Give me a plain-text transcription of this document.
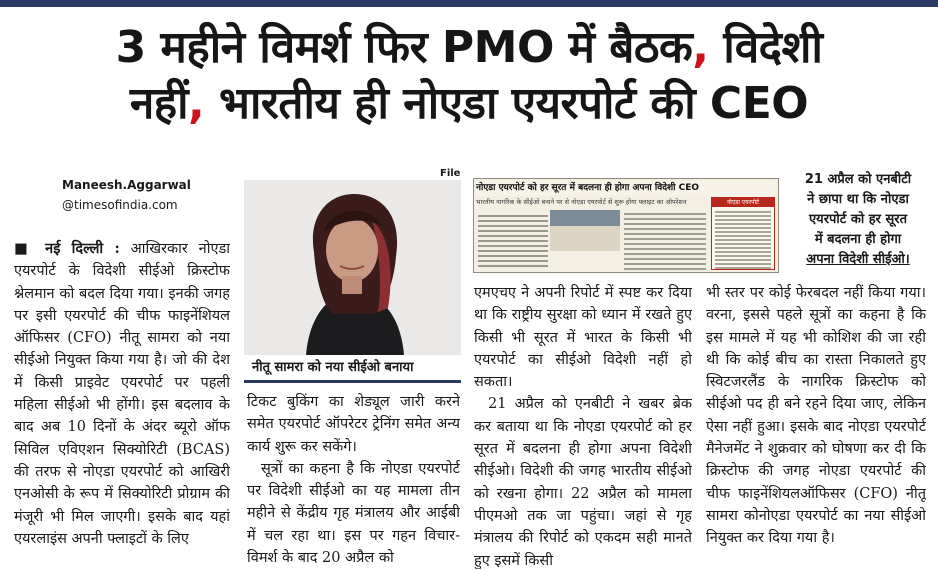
3 महीने विमर्श फिर PMO में बैठक, विदेशी
नहीं, भारतीय ही नोएडा एयरपोर्ट की CEO
Maneesh.Aggarwal
@timesofindia.com
File

■ नई दिल्ली : आखिरकार नोएडा एयरपोर्ट के विदेशी सीईओ क्रिस्टोफ श्नेलमान को बदल दिया गया। इनकी जगह पर इसी एयरपोर्ट की चीफ फाइनेंशियल ऑफिसर (CFO) नीतू सामरा को नया सीईओ नियुक्त किया गया है। जो की देश में किसी प्राइवेट एयरपोर्ट पर पहली महिला सीईओ भी होंगी। इस बदलाव के बाद अब 10 दिनों के अंदर ब्यूरो ऑफ सिविल एविएशन सिक्योरिटी (BCAS) की तरफ से नोएडा एयरपोर्ट को आखिरी एनओसी के रूप में सिक्योरिटी प्रोग्राम की मंजूरी भी मिल जाएगी। इसके बाद यहां एयरलाइंस अपनी फ्लाइटों के लिए

नीतू सामरा को नया सीईओ बनाया
नोएडा एयरपोर्ट को हर सूरत में बदलना ही होगा अपना विदेशी CEO
भारतीय नागरिक के सीईओ बनाने पर से नोएडा एयरपोर्ट से शुरू होगा फ्लाइट का ऑपरेशन	नोएडा एयरपोर्ट
21 अप्रैल को एनबीटी
ने छापा था कि नोएडा
एयरपोर्ट को हर सूरत
में बदलना ही होगा
अपना विदेशी सीईओ।

टिकट बुकिंग का शेड्यूल जारी करने समेत एयरपोर्ट ऑपरेटर ट्रेनिंग समेत अन्य कार्य शुरू कर सकेंगे।

सूत्रों का कहना है कि नोएडा एयरपोर्ट पर विदेशी सीईओ का यह मामला तीन महीने से केंद्रीय गृह मंत्रालय और आईबी में चल रहा था। इस पर गहन विचार-विमर्श के बाद 20 अप्रैल को

एमएचए ने अपनी रिपोर्ट में स्पष्ट कर दिया था कि राष्ट्रीय सुरक्षा को ध्यान में रखते हुए किसी भी सूरत में भारत के किसी भी एयरपोर्ट का सीईओ विदेशी नहीं हो सकता।

21 अप्रैल को एनबीटी ने खबर ब्रेक कर बताया था कि नोएडा एयरपोर्ट को हर सूरत में बदलना ही होगा अपना विदेशी सीईओ। विदेशी की जगह भारतीय सीईओ को रखना होगा। 22 अप्रैल को मामला पीएमओ तक जा पहुंचा। जहां से गृह मंत्रालय की रिपोर्ट को एकदम सही मानते हुए इसमें किसी

भी स्तर पर कोई फेरबदल नहीं किया गया। वरना, इससे पहले सूत्रों का कहना है कि इस मामले में यह भी कोशिश की जा रही थी कि कोई बीच का रास्ता निकालते हुए स्विटजरलैंड के नागरिक क्रिस्टोफ को सीईओ पद ही बने रहने दिया जाए, लेकिन ऐसा नहीं हुआ। इसके बाद नोएडा एयरपोर्ट मैनेजमेंट ने शुक्रवार को घोषणा कर दी कि क्रिस्टोफ की जगह नोएडा एयरपोर्ट की चीफ फाइनेंशियलऑफिसर (CFO) नीतू सामरा कोनोएडा एयरपोर्ट का नया सीईओ नियुक्त कर दिया गया है।
